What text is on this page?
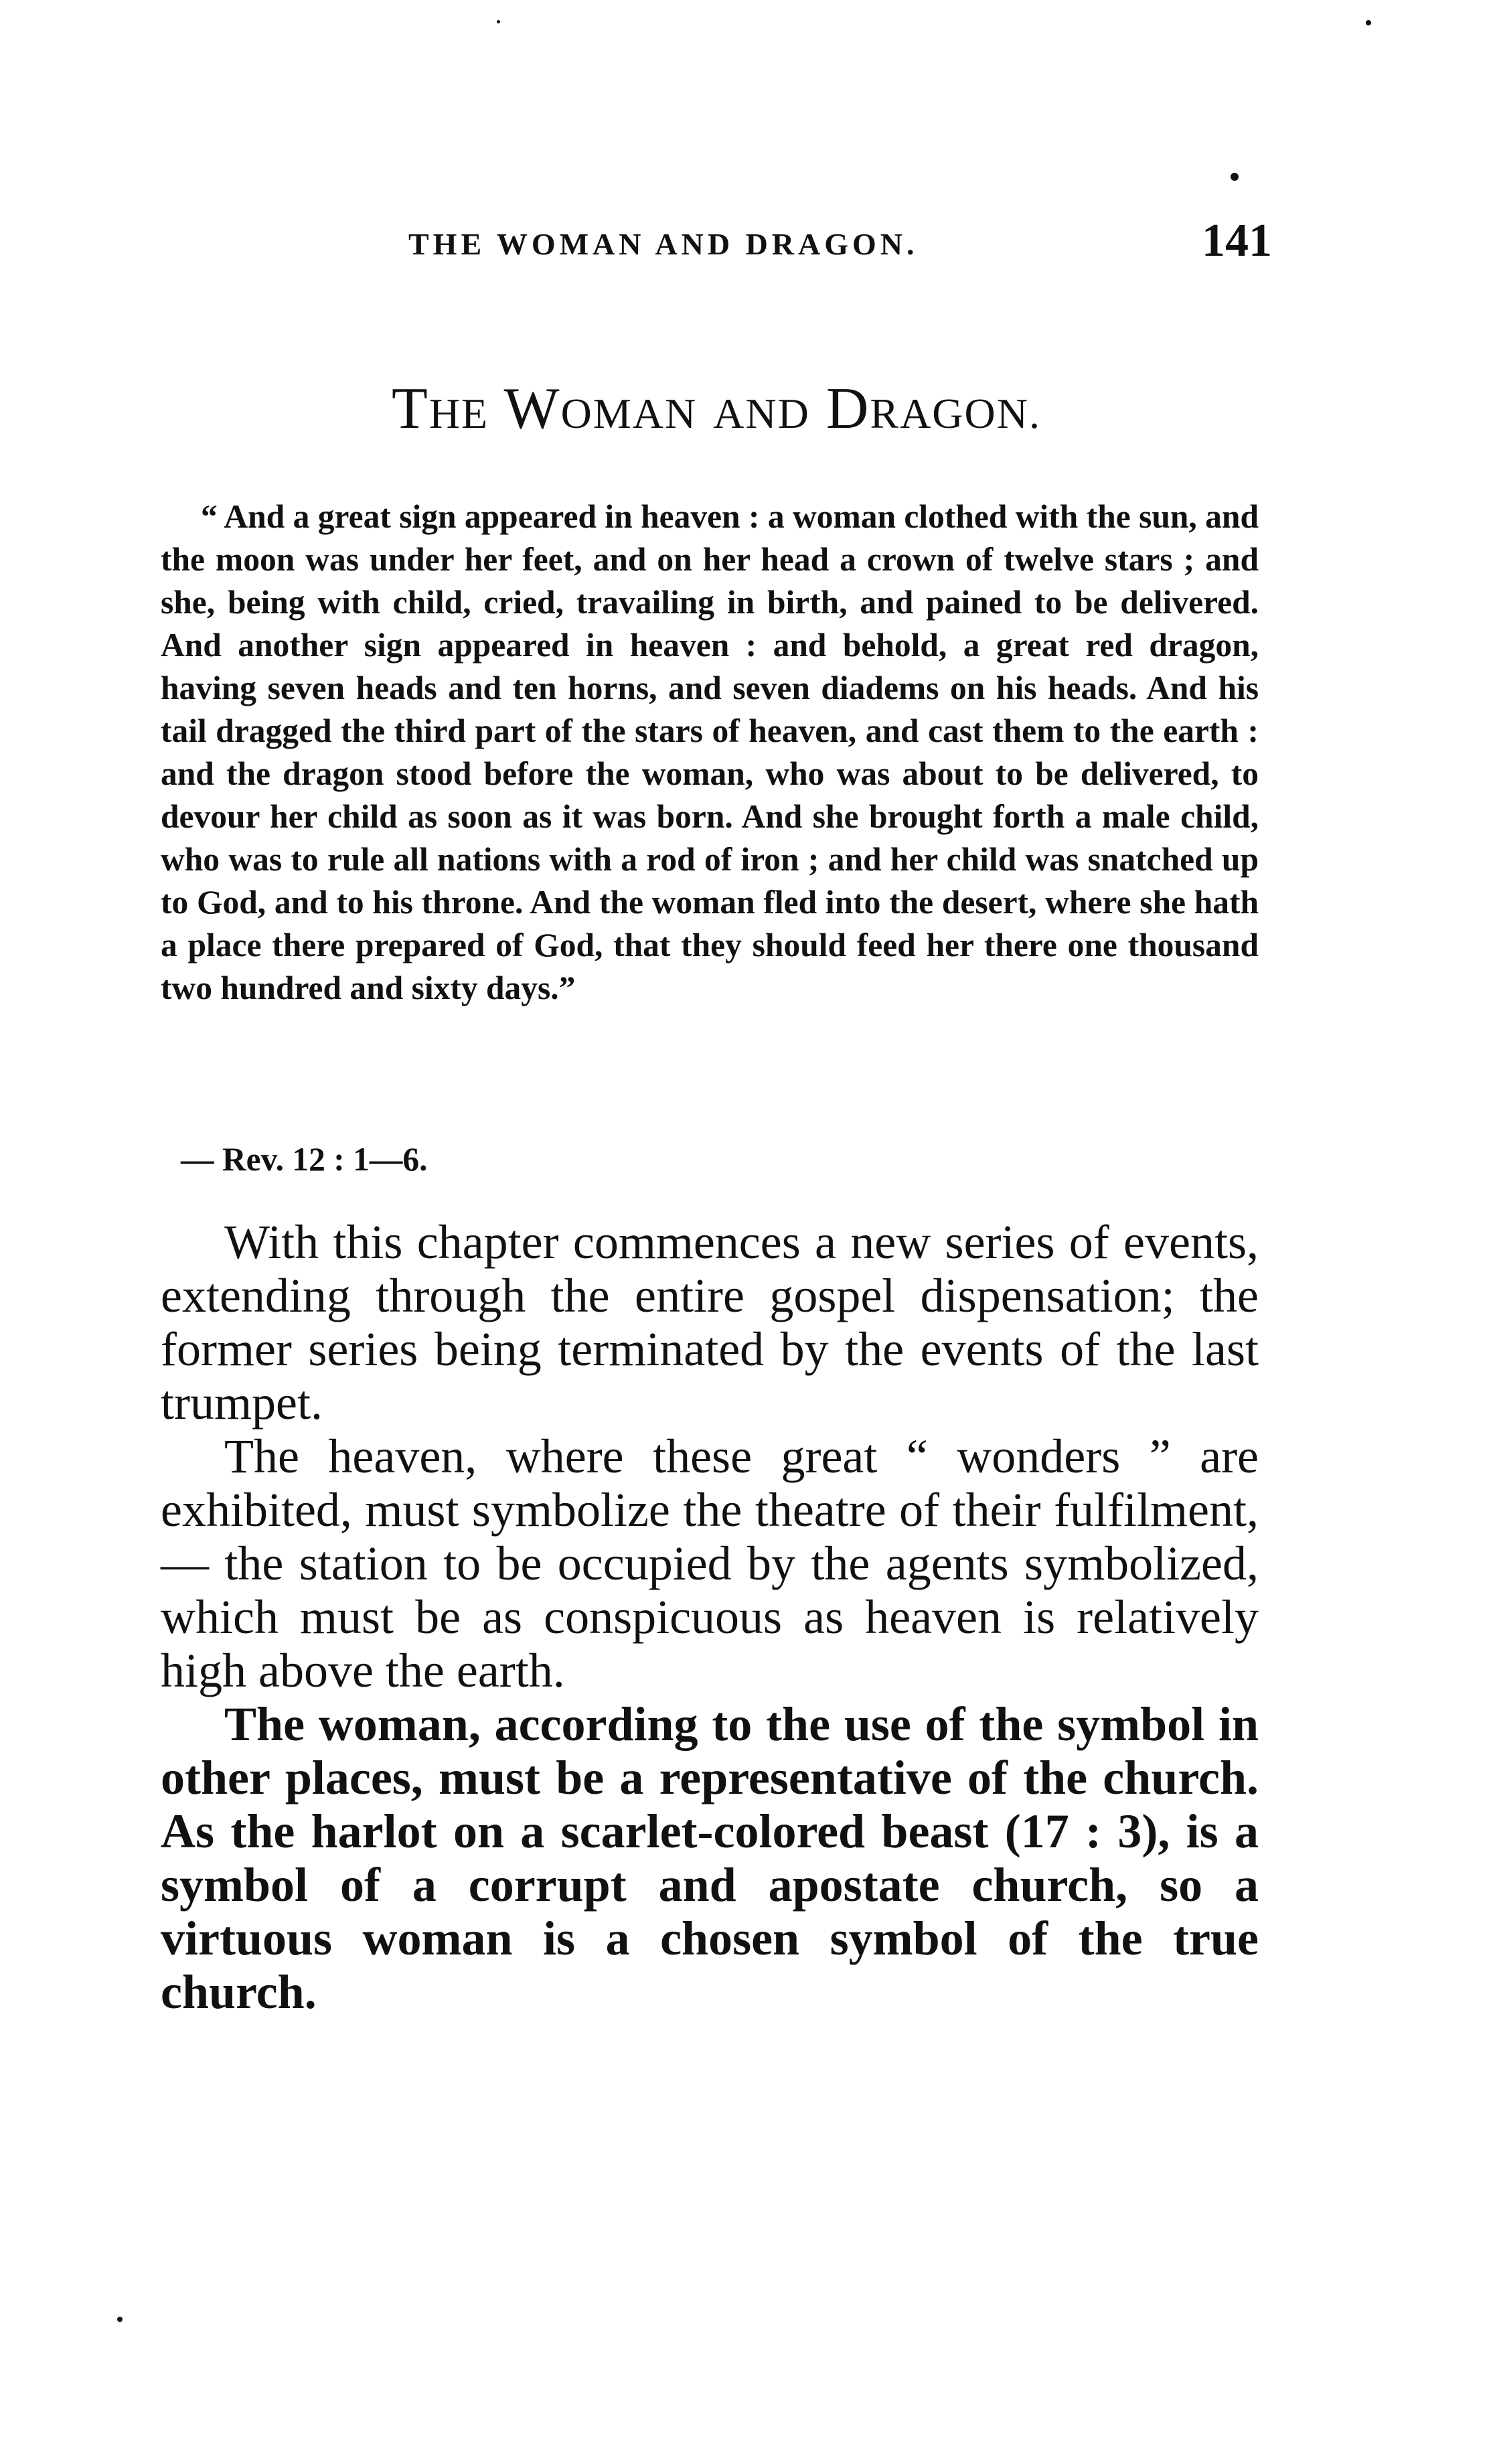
THE WOMAN AND DRAGON.	141
THE WOMAN AND DRAGON.
“ And a great sign appeared in heaven : a woman clothed with the sun, and the moon was under her feet, and on her head a crown of twelve stars ; and she, being with child, cried, travailing in birth, and pained to be delivered. And another sign appeared in heaven : and behold, a great red dragon, having seven heads and ten horns, and seven diadems on his heads. And his tail dragged the third part of the stars of heaven, and cast them to the earth : and the dragon stood before the woman, who was about to be delivered, to devour her child as soon as it was born. And she brought forth a male child, who was to rule all nations with a rod of iron ; and her child was snatched up to God, and to his throne. And the woman fled into the desert, where she hath a place there prepared of God, that they should feed her there one thousand two hundred and sixty days.”
— Rev. 12 : 1—6.

With this chapter commences a new series of events, extending through the entire gospel dispensation; the former series being terminated by the events of the last trumpet.

The heaven, where these great “ wonders ” are exhibited, must symbolize the theatre of their fulfilment, — the station to be occupied by the agents symbolized, which must be as conspicuous as heaven is relatively high above the earth.

The woman, according to the use of the symbol in other places, must be a representative of the church. As the harlot on a scarlet-colored beast (17 : 3), is a symbol of a corrupt and apostate church, so a virtuous woman is a chosen symbol of the true church.
